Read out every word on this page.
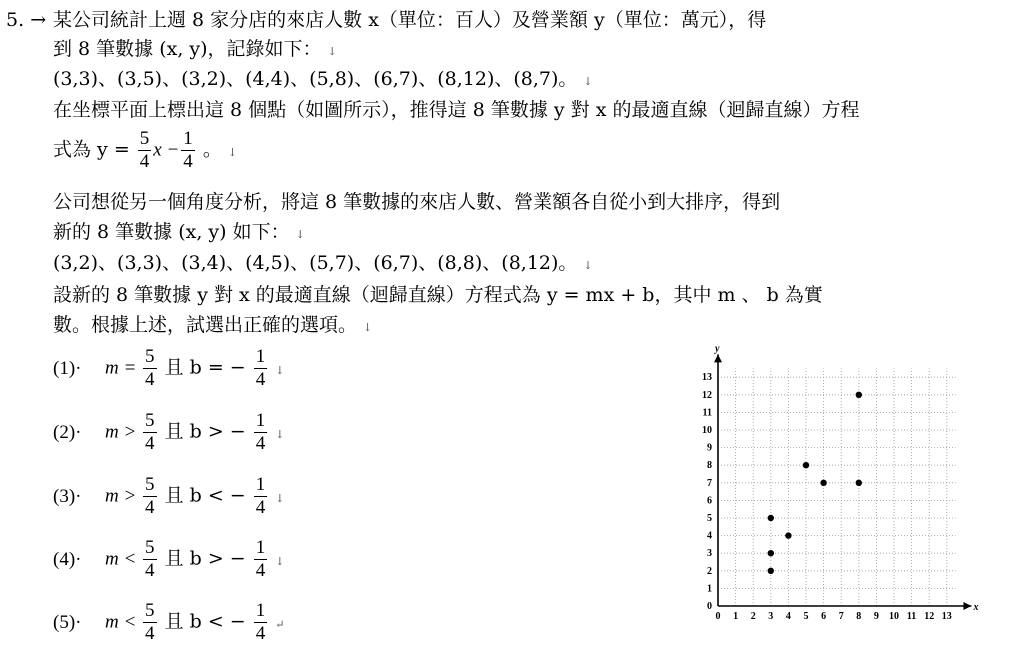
5. → 某公司統計上週 8 家分店的來店人數 x（單位：百人）及營業額 y（單位：萬元），得
到 8 筆數據 (x, y)，記錄如下： ↓
(3,3)、(3,5)、(3,2)、(4,4)、(5,8)、(6,7)、(8,12)、(8,7)。 ↓
在坐標平面上標出這 8 個點（如圖所示），推得這 8 筆數據 y 對 x 的最適直線（迴歸直線）方程
式為 $y = \frac{5}{4}$ $x - \frac{1}{4}$ 。 ↓
公司想從另一個角度分析，將這 8 筆數據的來店人數、營業額各自從小到大排序，得到
新的 8 筆數據 (x, y) 如下： ↓
(3,2)、(3,3)、(3,4)、(4,5)、(5,7)、(6,7)、(8,8)、(8,12)。 ↓
設新的 8 筆數據 y 對 x 的最適直線（迴歸直線）方程式為 y = mx + b，其中 m 、 b 為實
數。根據上述，試選出正確的選項。 ↓
$(1)\cdot m = \frac{5}{4}$ 且 b = − $\frac{1}{4}$ ↓
$(2)\cdot m > \frac{5}{4}$ 且 b > − $\frac{1}{4}$ ↓
$(3)\cdot m > \frac{5}{4}$ 且 b < − $\frac{1}{4}$ ↓
$(4)\cdot m < \frac{5}{4}$ 且 b > − $\frac{1}{4}$ ↓
$(5)\cdot m < \frac{5}{4}$ 且 b < − $\frac{1}{4}$ ↵
x
y
0 1 2 3 4 5 6 7 8 9 10 11 12 13
1
2
3
4
5
6
7
8
9
10
11
12
13
0
